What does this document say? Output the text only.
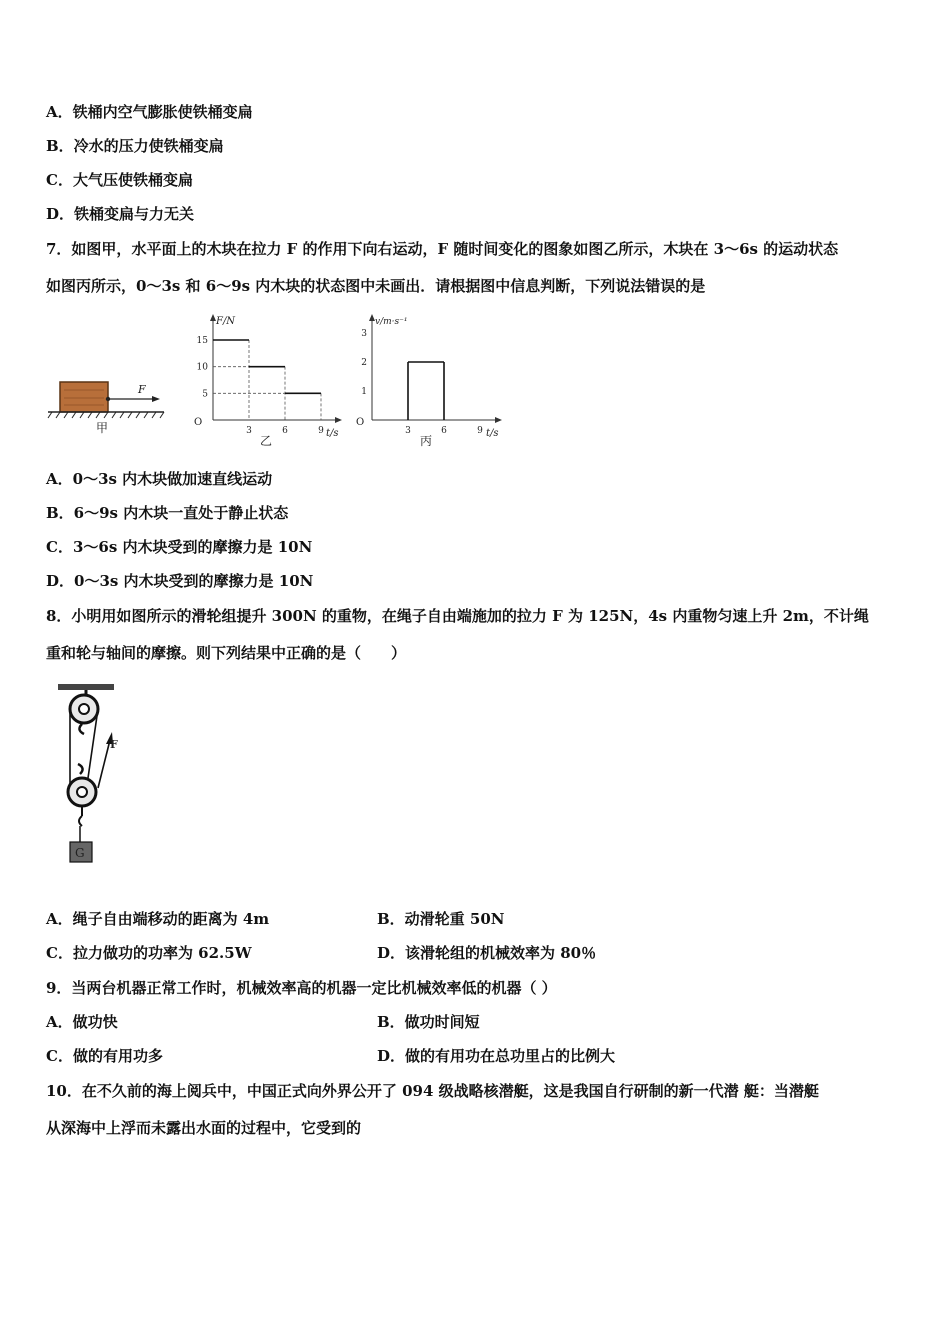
A．铁桶内空气膨胀使铁桶变扁
B．冷水的压力使铁桶变扁
C．大气压使铁桶变扁
D．铁桶变扁与力无关
7．如图甲，水平面上的木块在拉力 F 的作用下向右运动，F 随时间变化的图象如图乙所示，木块在 3～6s 的运动状态
如图丙所示，0～3s 和 6～9s 内木块的状态图中未画出．请根据图中信息判断，下列说法错误的是
F
甲
F/N
t/s
O
15
10
5
3	6	9
乙
v/m·s⁻¹
t/s
O
3
2
1
3	6	9
丙
A．0～3s 内木块做加速直线运动
B．6～9s 内木块一直处于静止状态
C．3～6s 内木块受到的摩擦力是 10N
D．0～3s 内木块受到的摩擦力是 10N
8．小明用如图所示的滑轮组提升 300N 的重物，在绳子自由端施加的拉力 F 为 125N，4s 内重物匀速上升 2m，不计绳
重和轮与轴间的摩擦。则下列结果中正确的是（　　）
F
G
A．绳子自由端移动的距离为 4m	B．动滑轮重 50N
C．拉力做功的功率为 62.5W	D．该滑轮组的机械效率为 80％
9．当两台机器正常工作时，机械效率高的机器一定比机械效率低的机器（ ）
A．做功快	B．做功时间短
C．做的有用功多	D．做的有用功在总功里占的比例大
10．在不久前的海上阅兵中，中国正式向外界公开了 094 级战略核潜艇，这是我国自行研制的新一代潜 艇：当潜艇
从深海中上浮而未露出水面的过程中，它受到的
